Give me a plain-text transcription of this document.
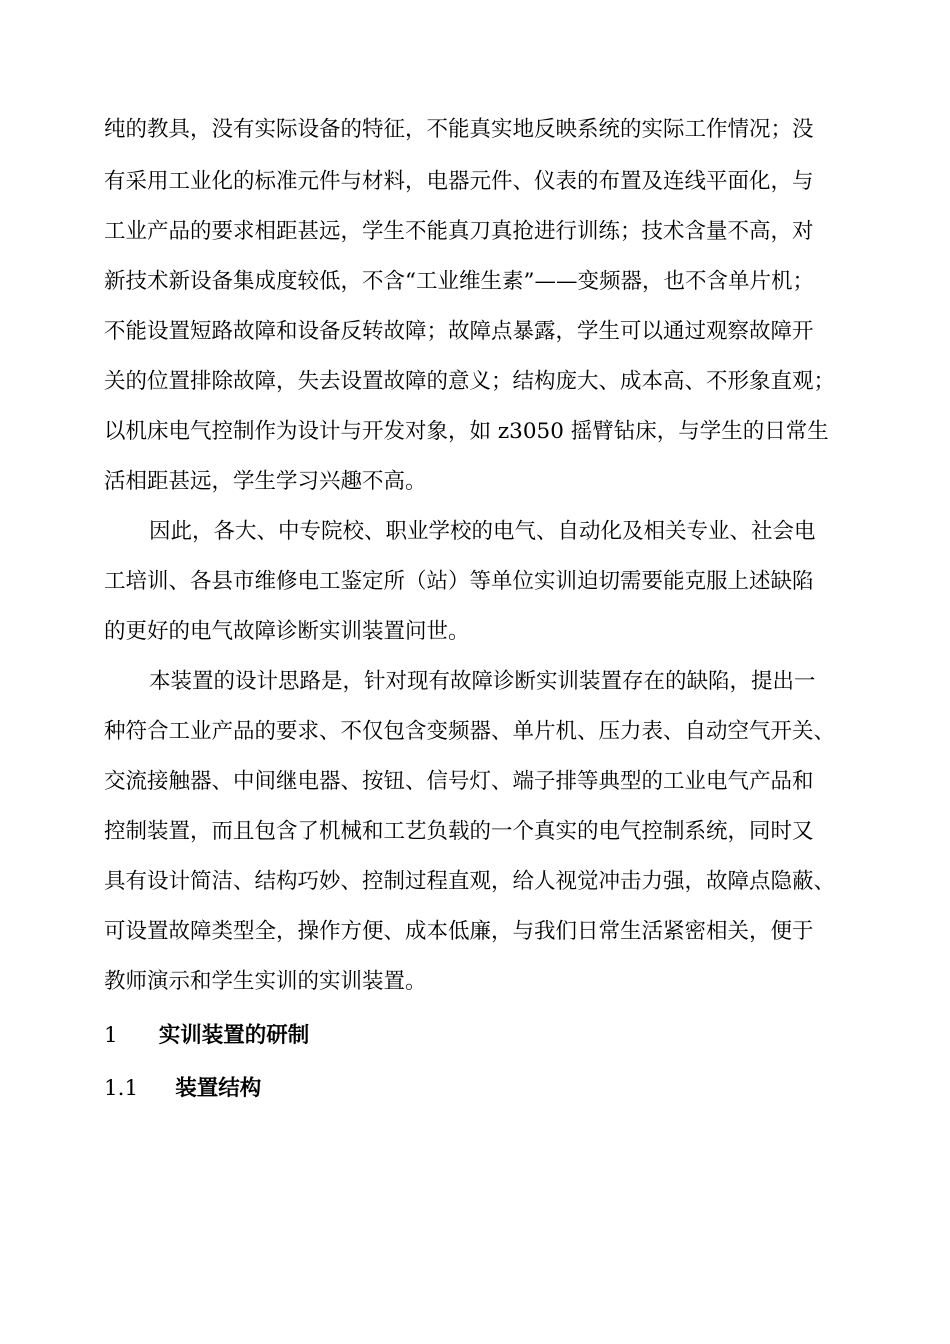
纯的教具，没有实际设备的特征，不能真实地反映系统的实际工作情况；没
有采用工业化的标准元件与材料，电器元件、仪表的布置及连线平面化，与
工业产品的要求相距甚远，学生不能真刀真抢进行训练；技术含量不高，对
新技术新设备集成度较低，不含“工业维生素”——变频器，也不含单片机；
不能设置短路故障和设备反转故障；故障点暴露，学生可以通过观察故障开
关的位置排除故障，失去设置故障的意义；结构庞大、成本高、不形象直观；
以机床电气控制作为设计与开发对象，如 z3050 摇臂钻床，与学生的日常生
活相距甚远，学生学习兴趣不高。
因此，各大、中专院校、职业学校的电气、自动化及相关专业、社会电
工培训、各县市维修电工鉴定所（站）等单位实训迫切需要能克服上述缺陷
的更好的电气故障诊断实训装置问世。
本装置的设计思路是，针对现有故障诊断实训装置存在的缺陷，提出一
种符合工业产品的要求、不仅包含变频器、单片机、压力表、自动空气开关、
交流接触器、中间继电器、按钮、信号灯、端子排等典型的工业电气产品和
控制装置，而且包含了机械和工艺负载的一个真实的电气控制系统，同时又
具有设计简洁、结构巧妙、控制过程直观，给人视觉冲击力强，故障点隐蔽、
可设置故障类型全，操作方便、成本低廉，与我们日常生活紧密相关，便于
教师演示和学生实训的实训装置。
1 实训装置的研制
1.1 装置结构
